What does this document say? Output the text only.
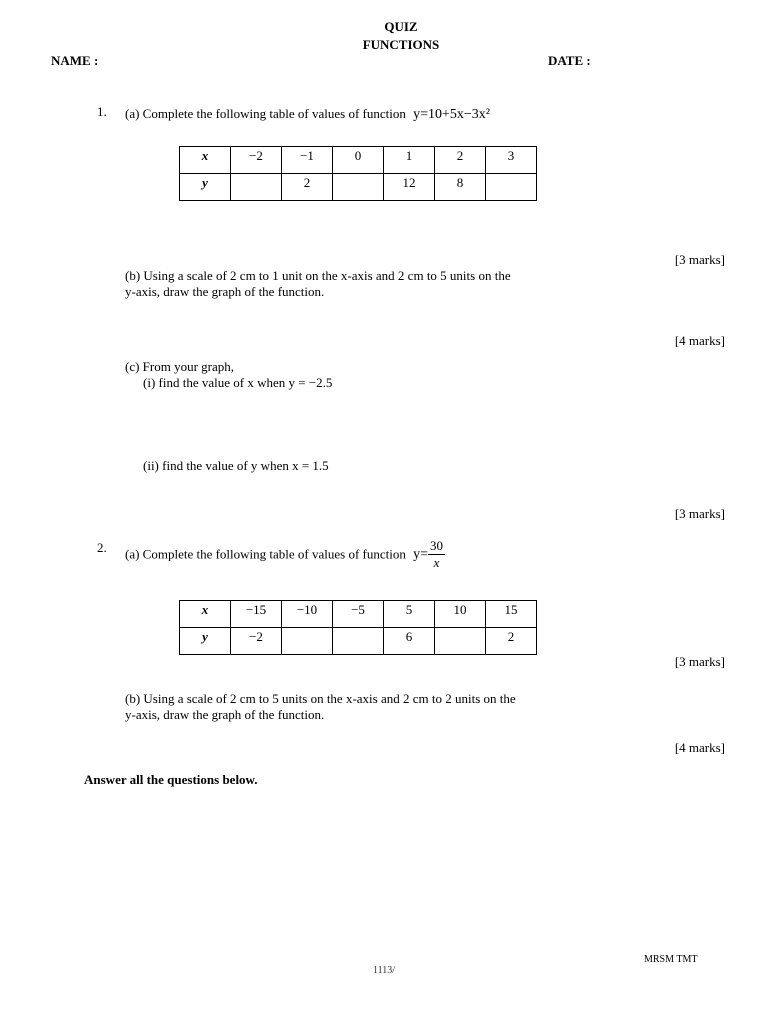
QUIZ
FUNCTIONS
NAME :	DATE :
1. (a) Complete the following table of values of function y=10+5x−3x²
x	−2	−1	0	1	2	3
y		2		12	8	
[3 marks]
(b) Using a scale of 2 cm to 1 unit on the x-axis and 2 cm to 5 units on the
y-axis, draw the graph of the function.
[4 marks]
(c) From your graph,
(i) find the value of x when y = −2.5
(ii) find the value of y when x = 1.5
[3 marks]
2. (a) Complete the following table of values of function $y= \frac{30}{x}$
x	−15	−10	−5	5	10	15
y	−2			6		2
[3 marks]
(b) Using a scale of 2 cm to 5 units on the x-axis and 2 cm to 2 units on the
y-axis, draw the graph of the function.
[4 marks]
Answer all the questions below.
MRSM TMT
1113/
